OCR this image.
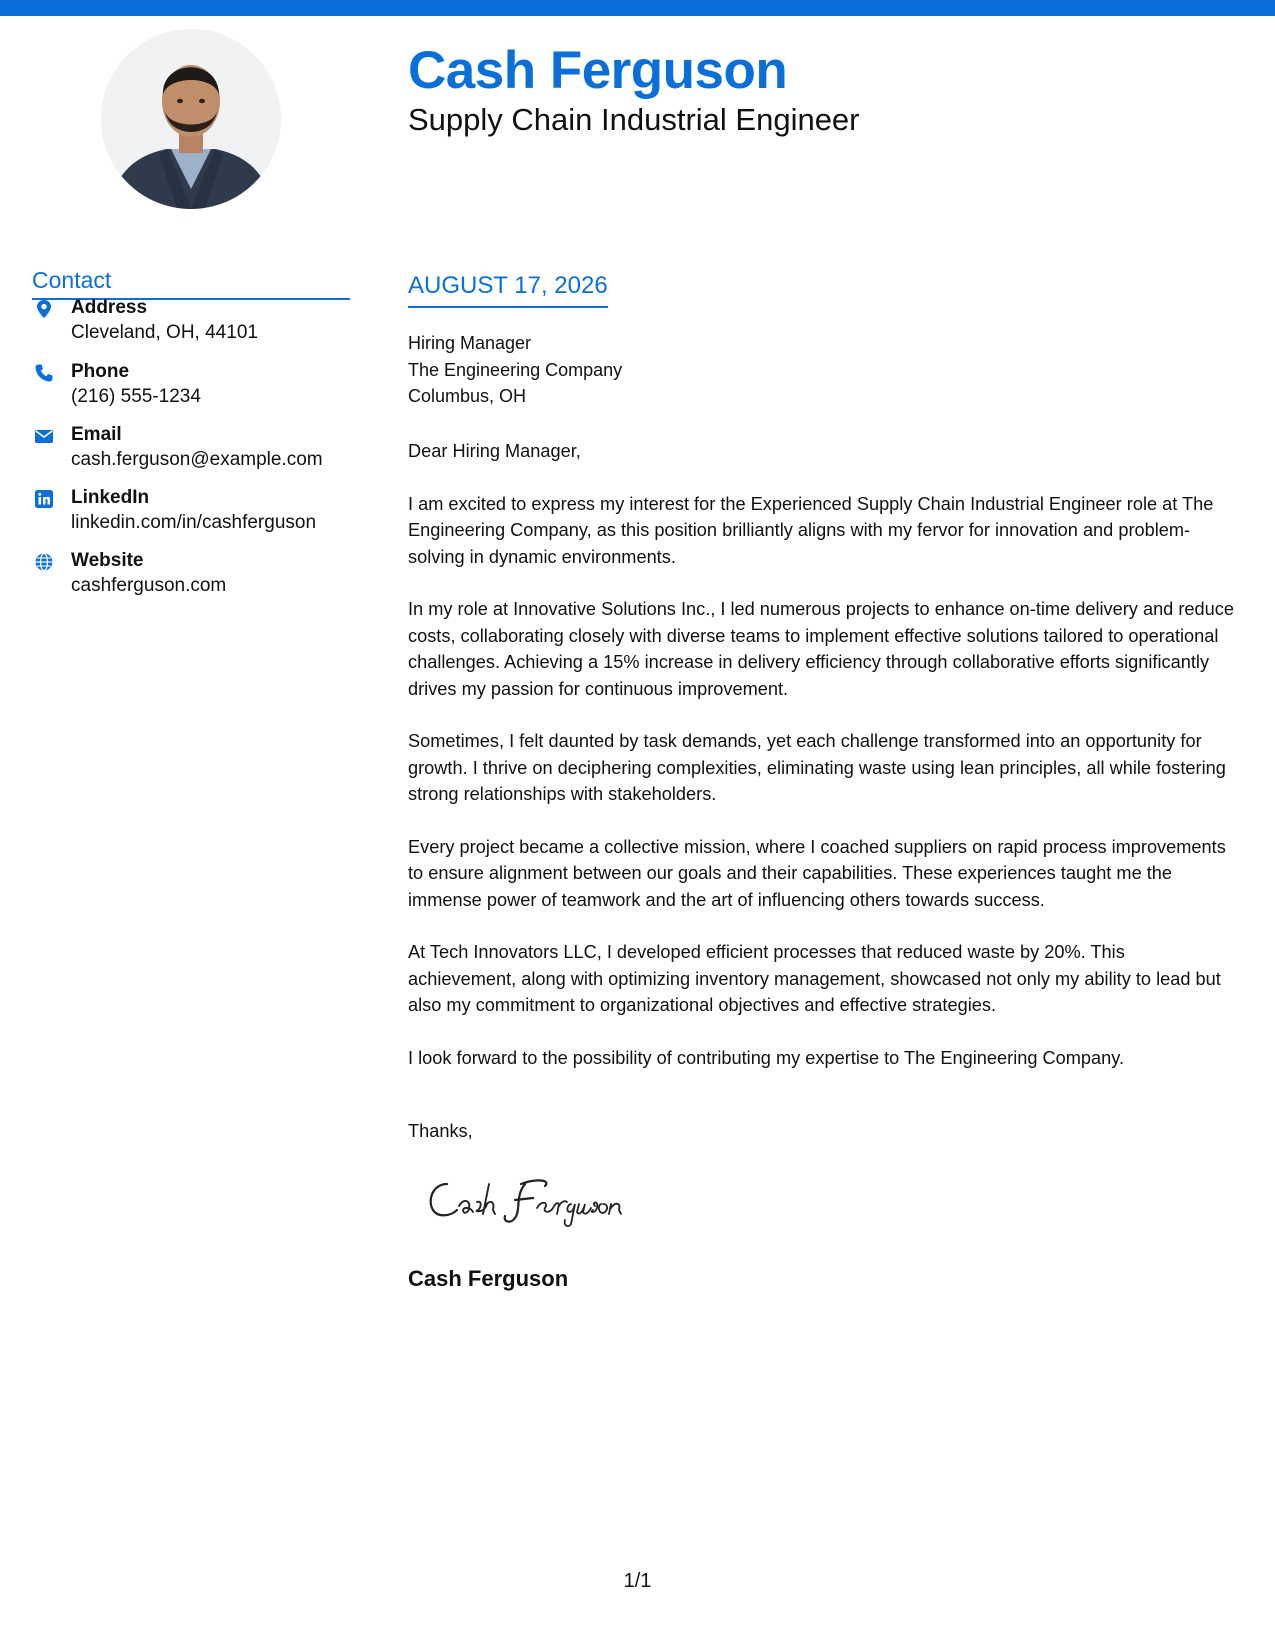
Cash Ferguson
Supply Chain Industrial Engineer
Contact
Address
Cleveland, OH, 44101
Phone
(216) 555-1234
Email
cash.ferguson@example.com
LinkedIn
linkedin.com/in/cashferguson
Website
cashferguson.com
AUGUST 17, 2026
Hiring Manager
The Engineering Company
Columbus, OH

Dear Hiring Manager,

I am excited to express my interest for the Experienced Supply Chain Industrial Engineer role at The Engineering Company, as this position brilliantly aligns with my fervor for innovation and problem-solving in dynamic environments.

In my role at Innovative Solutions Inc., I led numerous projects to enhance on-time delivery and reduce costs, collaborating closely with diverse teams to implement effective solutions tailored to operational challenges. Achieving a 15% increase in delivery efficiency through collaborative efforts significantly drives my passion for continuous improvement.

Sometimes, I felt daunted by task demands, yet each challenge transformed into an opportunity for growth. I thrive on deciphering complexities, eliminating waste using lean principles, all while fostering strong relationships with stakeholders.

Every project became a collective mission, where I coached suppliers on rapid process improvements to ensure alignment between our goals and their capabilities. These experiences taught me the immense power of teamwork and the art of influencing others towards success.

At Tech Innovators LLC, I developed efficient processes that reduced waste by 20%. This achievement, along with optimizing inventory management, showcased not only my ability to lead but also my commitment to organizational objectives and effective strategies.

I look forward to the possibility of contributing my expertise to The Engineering Company.

Thanks,
Cash Ferguson
1/1
